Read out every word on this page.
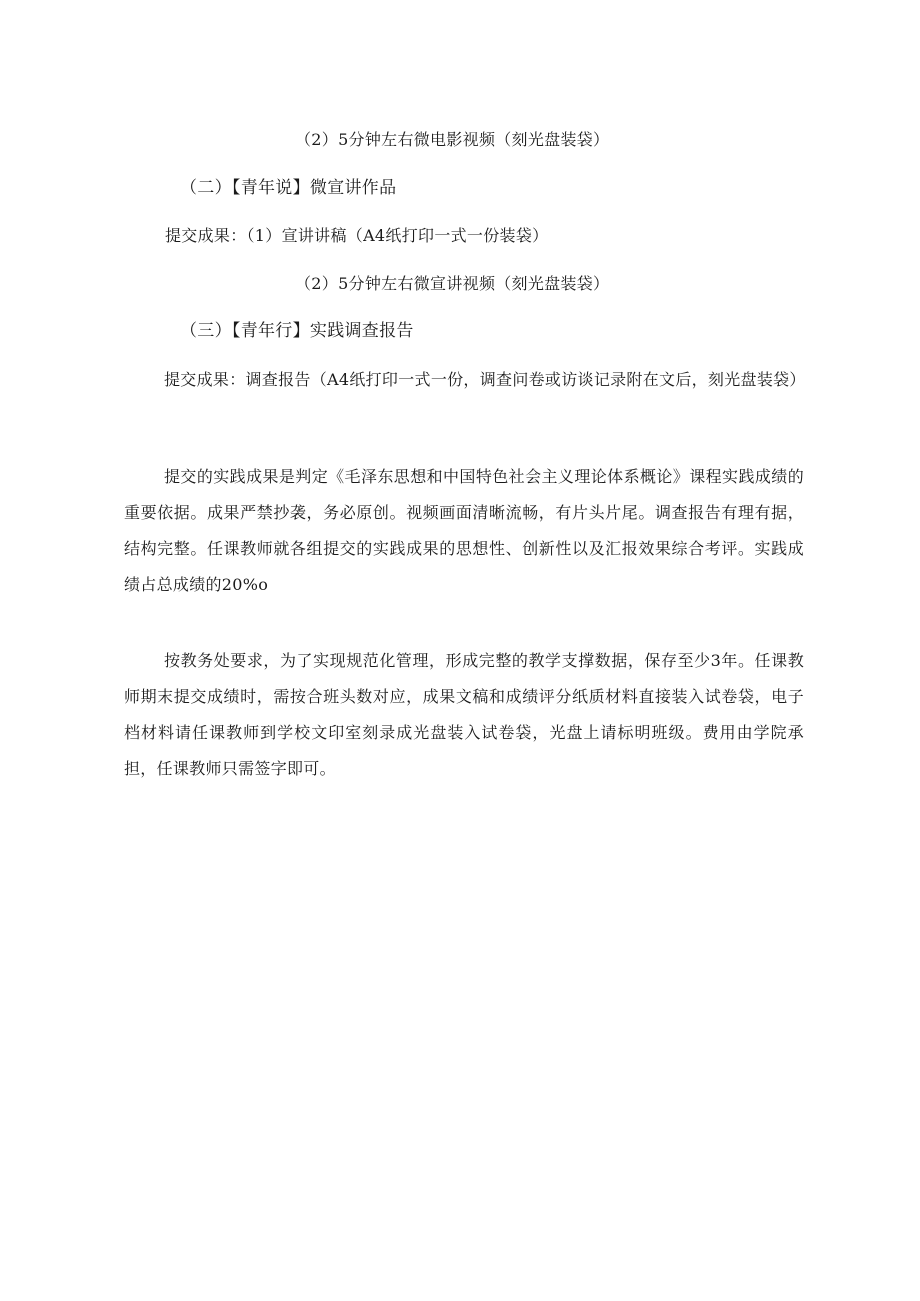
（2）5分钟左右微电影视频（刻光盘装袋）
（二）【青年说】微宣讲作品
提交成果：（1）宣讲讲稿（A4纸打印一式一份装袋）
（2）5分钟左右微宣讲视频（刻光盘装袋）
（三）【青年行】实践调查报告
提交成果：调查报告（A4纸打印一式一份，调查问卷或访谈记录附在文后，刻光盘装袋）
提交的实践成果是判定《毛泽东思想和中国特色社会主义理论体系概论》课程实践成绩的重要依据。成果严禁抄袭，务必原创。视频画面清晰流畅，有片头片尾。调查报告有理有据，结构完整。任课教师就各组提交的实践成果的思想性、创新性以及汇报效果综合考评。实践成绩占总成绩的20%o
按教务处要求，为了实现规范化管理，形成完整的教学支撑数据，保存至少3年。任课教师期末提交成绩时，需按合班头数对应，成果文稿和成绩评分纸质材料直接装入试卷袋，电子档材料请任课教师到学校文印室刻录成光盘装入试卷袋，光盘上请标明班级。费用由学院承担，任课教师只需签字即可。
